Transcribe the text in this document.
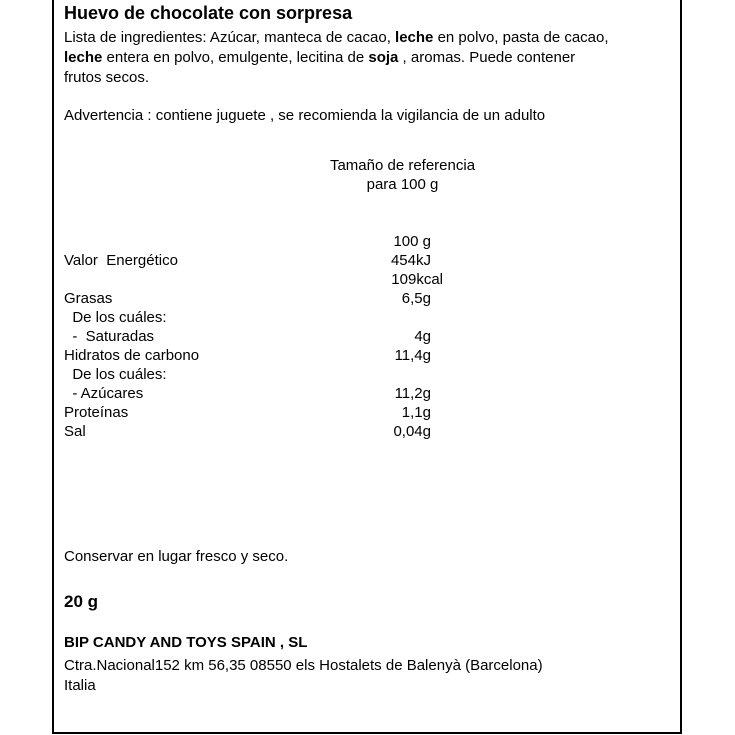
Huevo de chocolate con sorpresa
Lista de ingredientes: Azúcar, manteca de cacao, leche en polvo, pasta de cacao,
leche entera en polvo, emulgente, lecitina de soja , aromas. Puede contener
frutos secos.
Advertencia : contiene juguete , se recomienda la vigilancia de un adulto
Tamaño de referencia
para 100 g
100 g
Valor  Energético	454kJ
109kcal
Grasas	6,5g
De los cuáles:
-  Saturadas	4g
Hidratos de carbono	11,4g
De los cuáles:
- Azúcares	11,2g
Proteínas	1,1g
Sal	0,04g
Conservar en lugar fresco y seco.
20 g
BIP CANDY AND TOYS SPAIN , SL
Ctra.Nacional152 km 56,35 08550 els Hostalets de Balenyà (Barcelona)
Italia
